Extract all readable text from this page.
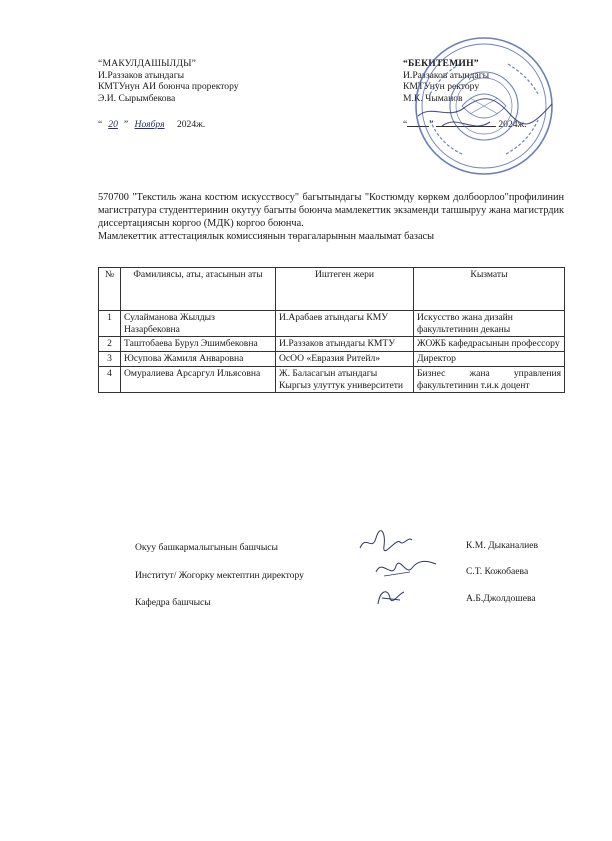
“МАКУЛДАШЫЛДЫ”
И.Раззаков атындагы
КМТУнун АИ боюнча проректору
Э.И. Сырымбекова
“ 20 ” Ноября 2024ж.
“БЕКИТЕМИН”
И.Раззаков атындагы
КМТУнун ректору
М.К. Чыманов
“ ”	2024ж.

570700 "Текстиль жана костюм искусствосу" багытындагы "Костюмду көркөм долбоорлоо"профилинин магистратура студенттеринин окутуу багыты боюнча мамлекеттик экзаменди тапшыруу жана магистрдик диссертациясын коргоо (МДК) коргоо боюнча.

Мамлекеттик аттестациялык комиссиянын төрагаларынын маалымат базасы

№	Фамилиясы, аты, атасынын аты	Иштеген жери	Кызматы
1	Сулайманова Жылдыз Назарбековна	И.Арабаев атындагы КМУ	Искусство жана дизайн факультетинин деканы
2	Таштобаева Бурул Эшимбековна	И.Раззаков атындагы КМТУ	ЖОЖБ кафедрасынын профессору
3	Юсупова Жамиля Анваровна	ОсОО «Евразия Ритейл»	Директор
4	Омуралиева Арсаргул Ильясовна	Ж. Баласагын атындагы Кыргыз улуттук университети	Бизнес жана управления факультетинин т.и.к доцент
Окуу башкармалыгынын башчысы	К.М. Дыканалиев
Институт/ Жогорку мектептин директору	С.Т. Кожобаева
Кафедра башчысы	А.Б.Джолдошева
